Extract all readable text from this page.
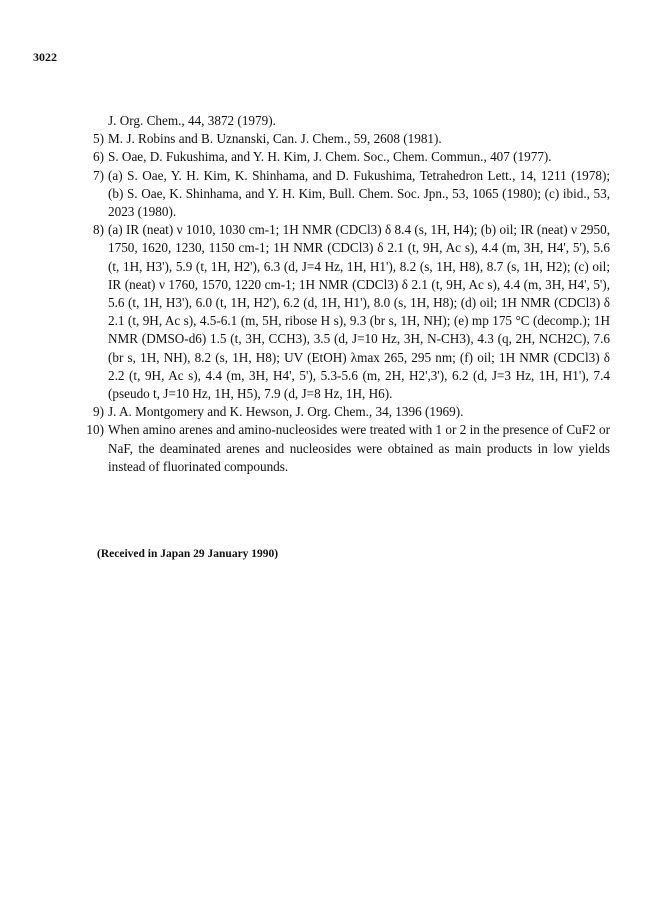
3022
J. Org. Chem., 44, 3872 (1979).
5) M. J. Robins and B. Uznanski, Can. J. Chem., 59, 2608 (1981).
6) S. Oae, D. Fukushima, and Y. H. Kim, J. Chem. Soc., Chem. Commun., 407 (1977).
7) (a) S. Oae, Y. H. Kim, K. Shinhama, and D. Fukushima, Tetrahedron Lett., 14, 1211 (1978); (b) S. Oae, K. Shinhama, and Y. H. Kim, Bull. Chem. Soc. Jpn., 53, 1065 (1980); (c) ibid., 53, 2023 (1980).
8) (a) IR (neat) ν 1010, 1030 cm-1; 1H NMR (CDCl3) δ 8.4 (s, 1H, H4); (b) oil; IR (neat) ν 2950, 1750, 1620, 1230, 1150 cm-1; 1H NMR (CDCl3) δ 2.1 (t, 9H, Ac s), 4.4 (m, 3H, H4', 5'), 5.6 (t, 1H, H3'), 5.9 (t, 1H, H2'), 6.3 (d, J=4 Hz, 1H, H1'), 8.2 (s, 1H, H8), 8.7 (s, 1H, H2); (c) oil; IR (neat) ν 1760, 1570, 1220 cm-1; 1H NMR (CDCl3) δ 2.1 (t, 9H, Ac s), 4.4 (m, 3H, H4', 5'), 5.6 (t, 1H, H3'), 6.0 (t, 1H, H2'), 6.2 (d, 1H, H1'), 8.0 (s, 1H, H8); (d) oil; 1H NMR (CDCl3) δ 2.1 (t, 9H, Ac s), 4.5-6.1 (m, 5H, ribose H s), 9.3 (br s, 1H, NH); (e) mp 175 °C (decomp.); 1H NMR (DMSO-d6) 1.5 (t, 3H, CCH3), 3.5 (d, J=10 Hz, 3H, N-CH3), 4.3 (q, 2H, NCH2C), 7.6 (br s, 1H, NH), 8.2 (s, 1H, H8); UV (EtOH) λmax 265, 295 nm; (f) oil; 1H NMR (CDCl3) δ 2.2 (t, 9H, Ac s), 4.4 (m, 3H, H4', 5'), 5.3-5.6 (m, 2H, H2',3'), 6.2 (d, J=3 Hz, 1H, H1'), 7.4 (pseudo t, J=10 Hz, 1H, H5), 7.9 (d, J=8 Hz, 1H, H6).
9) J. A. Montgomery and K. Hewson, J. Org. Chem., 34, 1396 (1969).
10) When amino arenes and amino-nucleosides were treated with 1 or 2 in the presence of CuF2 or NaF, the deaminated arenes and nucleosides were obtained as main products in low yields instead of fluorinated compounds.
(Received in Japan 29 January 1990)
